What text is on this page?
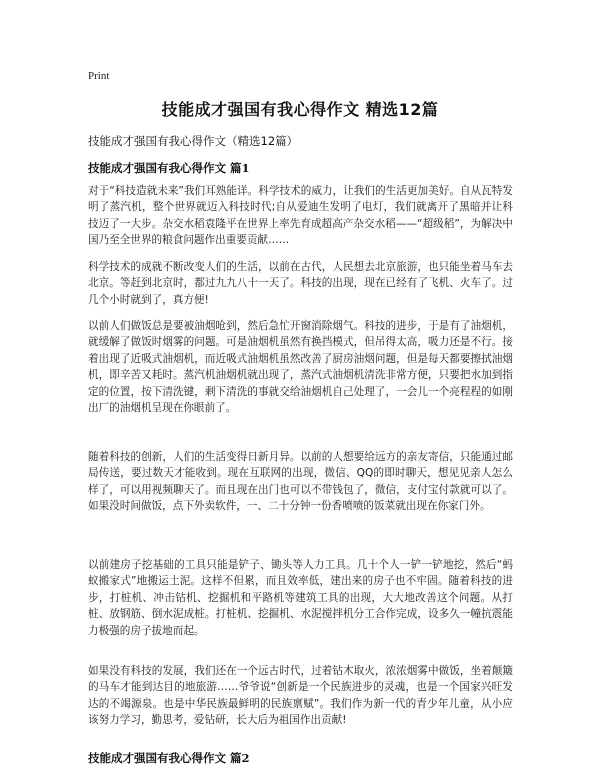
Print
技能成才强国有我心得作文 精选12篇

技能成才强国有我心得作文（精选12篇）

技能成才强国有我心得作文 篇1

对于“科技造就未来”我们耳熟能详。科学技术的威力，让我们的生活更加美好。自从瓦特发明了蒸汽机，整个世界就迈入科技时代;自从爱迪生发明了电灯，我们就离开了黑暗并让科技迈了一大步。杂交水稻袁隆平在世界上率先育成超高产杂交水稻——“超级稻”，为解决中国乃至全世界的粮食问题作出重要贡献……

科学技术的成就不断改变人们的生活，以前在古代，人民想去北京旅游，也只能坐着马车去北京。等赶到北京时，都过九九八十一天了。科技的出现，现在已经有了飞机、火车了。过几个小时就到了，真方便!

以前人们做饭总是要被油烟呛到，然后急忙开窗消除烟气。科技的进步，于是有了油烟机，就缓解了做饭时烟雾的问题。可是油烟机虽然有换挡模式，但吊得太高，吸力还是不行。接着出现了近吸式油烟机，而近吸式油烟机虽然改善了厨房油烟问题，但是每天都要擦拭油烟机，即辛苦又耗时。蒸汽机油烟机就出现了，蒸汽式油烟机清洗非常方便，只要把水加到指定的位置，按下清洗键，剩下清洗的事就交给油烟机自己处理了，一会儿一个亮程程的如刚出厂的油烟机呈现在你眼前了。

随着科技的创新，人们的生活变得日新月异。以前的人想要给远方的亲友寄信，只能通过邮局传送，要过数天才能收到。现在互联网的出现，微信、QQ的即时聊天，想见见亲人怎么样了，可以用视频聊天了。而且现在出门也可以不带钱包了，微信，支付宝付款就可以了。如果没时间做饭，点下外卖软件，一、二十分钟一份香喷喷的饭菜就出现在你家门外。

以前建房子挖基础的工具只能是铲子、锄头等人力工具。几十个人一铲一铲地挖，然后“蚂蚁搬家式”地搬运土泥。这样不但累，而且效率低，建出来的房子也不牢固。随着科技的进步，打桩机、冲击钻机、挖掘机和平路机等建筑工具的出现，大大地改善这个问题。从打桩、放钢筋、倒水泥成桩。打桩机、挖掘机、水泥搅拌机分工合作完成，设多久一幢抗震能力极强的房子拔地而起。

如果没有科技的发展，我们还在一个远古时代，过着钻木取火，浓浓烟雾中做饭，坐着颠簸的马车才能到达目的地旅游……爷爷说“创新是一个民族进步的灵魂，也是一个国家兴旺发达的不竭源泉。也是中华民族最鲜明的民族禀赋”。我们作为新一代的青少年儿童，从小应该努力学习，勤思考，爱钻研，长大后为祖国作出贡献!

技能成才强国有我心得作文 篇2
